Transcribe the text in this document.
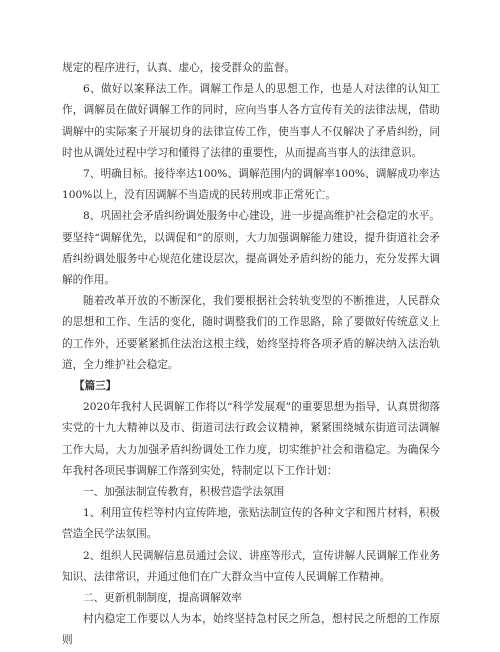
规定的程序进行，认真、虚心，接受群众的监督。

6、做好以案释法工作。调解工作是人的思想工作，也是人对法律的认知工作，调解员在做好调解工作的同时，应向当事人各方宣传有关的法律法规，借助调解中的实际案子开展切身的法律宣传工作，使当事人不仅解决了矛盾纠纷，同时也从调处过程中学习和懂得了法律的重要性，从而提高当事人的法律意识。

7、明确目标。接待率达100%、调解范围内的调解率100%、调解成功率达100%以上，没有因调解不当造成的民转刑或非正常死亡。

8、巩固社会矛盾纠纷调处服务中心建设，进一步提高维护社会稳定的水平。要坚持“调解优先，以调促和”的原则，大力加强调解能力建设，提升街道社会矛盾纠纷调处服务中心规范化建设层次，提高调处矛盾纠纷的能力，充分发挥大调解的作用。

随着改革开放的不断深化，我们要根据社会转轨变型的不断推进，人民群众的思想和工作、生活的变化，随时调整我们的工作思路，除了要做好传统意义上的工作外，还要紧紧抓住法治这根主线，始终坚持将各项矛盾的解决纳入法治轨道，全力维护社会稳定。

【篇三】

2020年我村人民调解工作将以“科学发展观”的重要思想为指导，认真贯彻落实党的十九大精神以及市、街道司法行政会议精神，紧紧围绕城东街道司法调解工作大局，大力加强矛盾纠纷调处工作力度，切实维护社会和谐稳定。为确保今年我村各项民事调解工作落到实处，特制定以下工作计划：

一、加强法制宣传教育，积极营造学法氛围

1、利用宣传栏等村内宣传阵地，张贴法制宣传的各种文字和图片材料，积极营造全民学法氛围。

2、组织人民调解信息员通过会议、讲座等形式，宣传讲解人民调解工作业务知识、法律常识，并通过他们在广大群众当中宣传人民调解工作精神。

二、更新机制制度，提高调解效率

村内稳定工作要以人为本，始终坚持急村民之所急，想村民之所想的工作原则
